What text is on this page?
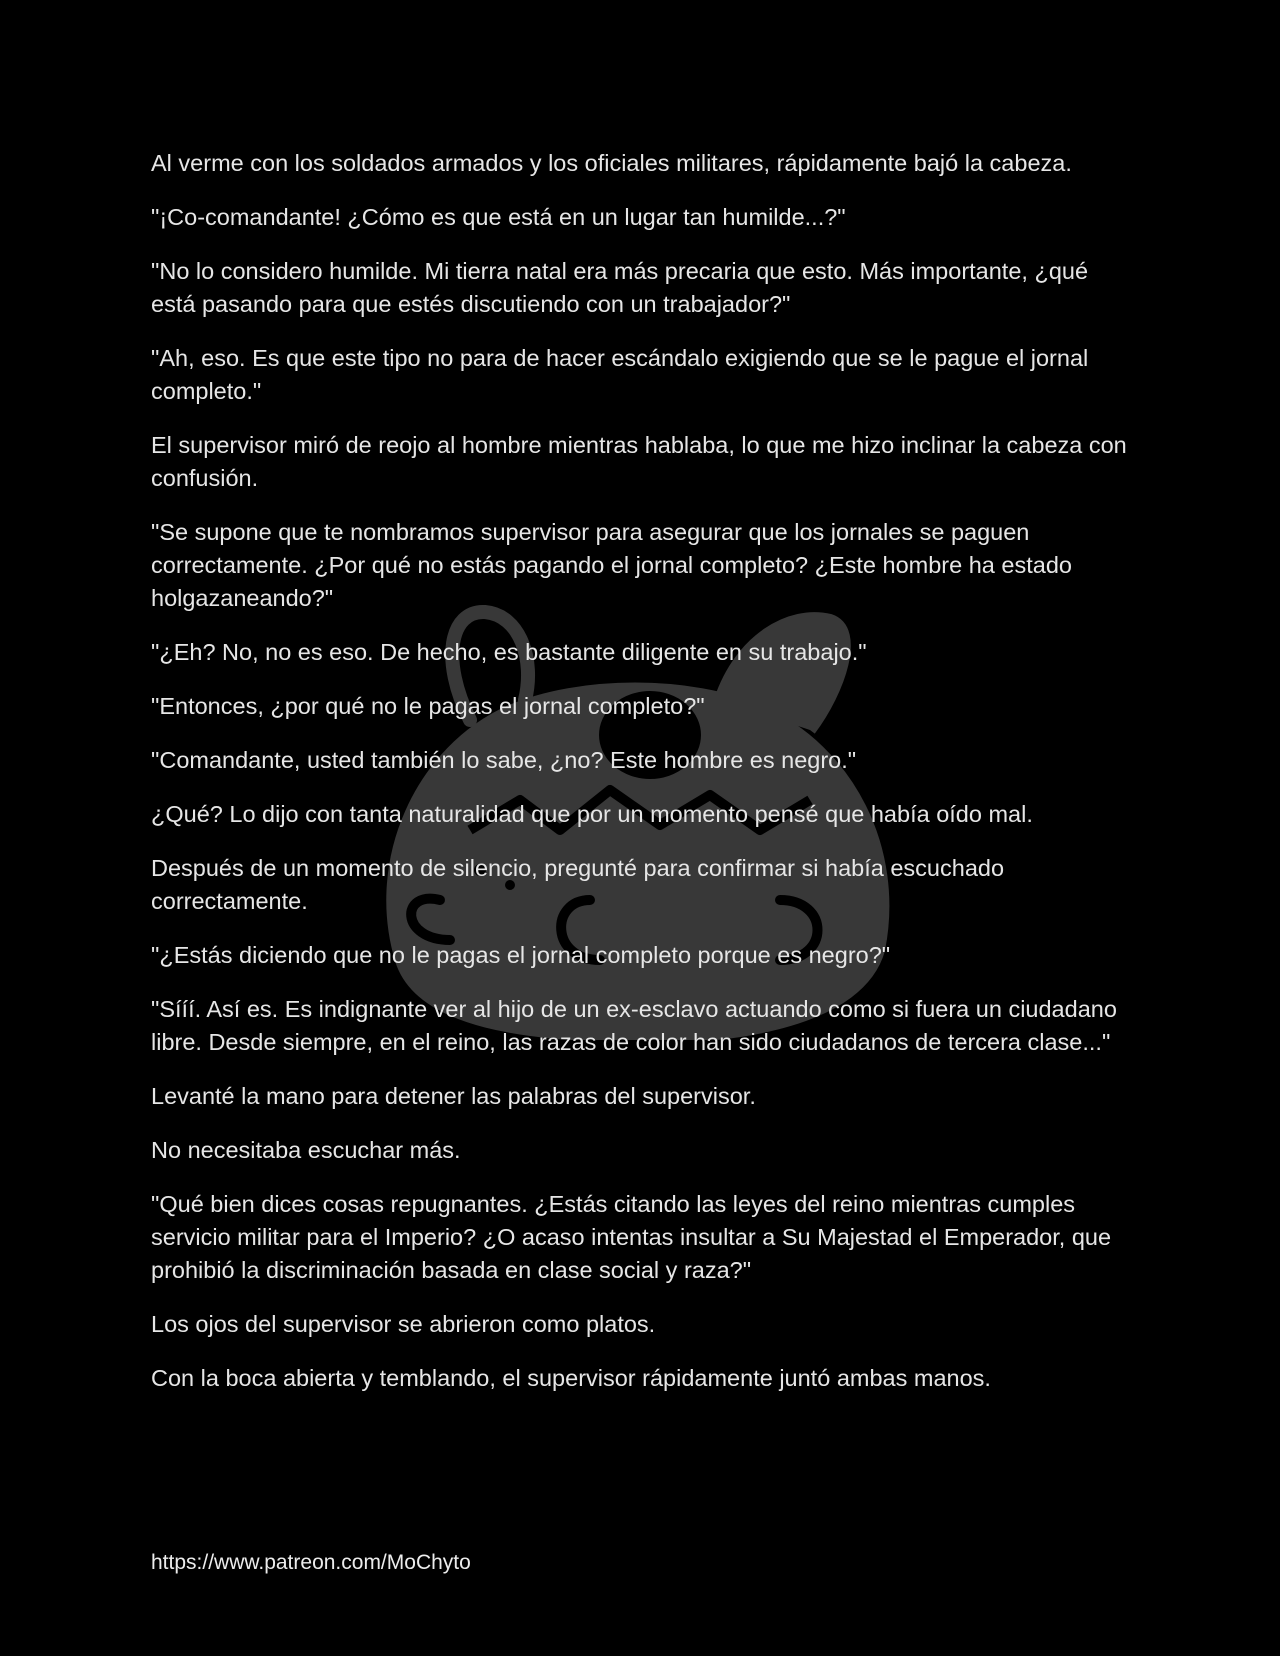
Al verme con los soldados armados y los oficiales militares, rápidamente bajó la cabeza.

"¡Co-comandante! ¿Cómo es que está en un lugar tan humilde...?"

"No lo considero humilde. Mi tierra natal era más precaria que esto. Más importante, ¿qué está pasando para que estés discutiendo con un trabajador?"

"Ah, eso. Es que este tipo no para de hacer escándalo exigiendo que se le pague el jornal completo."

El supervisor miró de reojo al hombre mientras hablaba, lo que me hizo inclinar la cabeza con confusión.

"Se supone que te nombramos supervisor para asegurar que los jornales se paguen correctamente. ¿Por qué no estás pagando el jornal completo? ¿Este hombre ha estado holgazaneando?"

"¿Eh? No, no es eso. De hecho, es bastante diligente en su trabajo."

"Entonces, ¿por qué no le pagas el jornal completo?"

"Comandante, usted también lo sabe, ¿no? Este hombre es negro."

¿Qué? Lo dijo con tanta naturalidad que por un momento pensé que había oído mal.

Después de un momento de silencio, pregunté para confirmar si había escuchado correctamente.

"¿Estás diciendo que no le pagas el jornal completo porque es negro?"

"Sííí. Así es. Es indignante ver al hijo de un ex-esclavo actuando como si fuera un ciudadano libre. Desde siempre, en el reino, las razas de color han sido ciudadanos de tercera clase..."

Levanté la mano para detener las palabras del supervisor.

No necesitaba escuchar más.

"Qué bien dices cosas repugnantes. ¿Estás citando las leyes del reino mientras cumples servicio militar para el Imperio? ¿O acaso intentas insultar a Su Majestad el Emperador, que prohibió la discriminación basada en clase social y raza?"

Los ojos del supervisor se abrieron como platos.

Con la boca abierta y temblando, el supervisor rápidamente juntó ambas manos.

https://www.patreon.com/MoChyto
